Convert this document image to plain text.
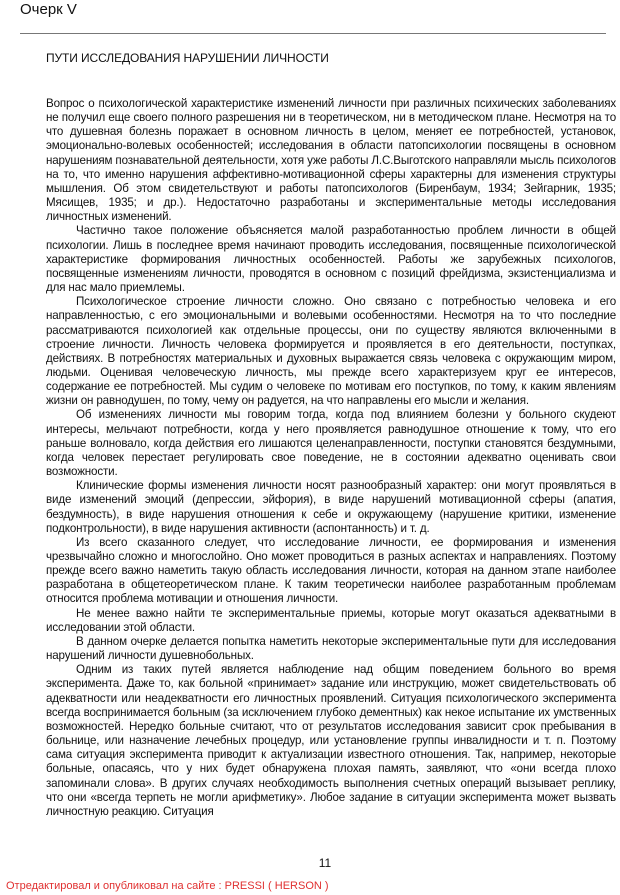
Очерк V
ПУТИ ИССЛЕДОВАНИЯ НАРУШЕНИИ ЛИЧНОСТИ

Вопрос о психологической характеристике изменений личности при различных психических заболеваниях не получил еще своего полного разрешения ни в теоретическом, ни в методическом плане. Несмотря на то что душевная болезнь поражает в основном личность в целом, меняет ее потребностей, установок, эмоционально-волевых особенностей; исследования в области патопсихологии посвящены в основном нарушениям познавательной деятельности, хотя уже работы Л.С.Выготского направляли мысль психологов на то, что именно нарушения аффективно-мотивационной сферы характерны для изменения структуры мышления. Об этом свидетельствуют и работы патопсихологов (Биренбаум, 1934; Зейгарник, 1935; Мясищев, 1935; и др.). Недостаточно разработаны и экспериментальные методы исследования личностных изменений.

Частично такое положение объясняется малой разработанностью проблем личности в общей психологии. Лишь в последнее время начинают проводить исследования, посвященные психологической характеристике формирования личностных особенностей. Работы же зарубежных психологов, посвященные изменениям личности, проводятся в основном с позиций фрейдизма, экзистенциализма и для нас мало приемлемы.

Психологическое строение личности сложно. Оно связано с потребностью человека и его направленностью, с его эмоциональными и волевыми особенностями. Несмотря на то что последние рассматриваются психологией как отдельные процессы, они по существу являются включенными в строение личности. Личность человека формируется и проявляется в его деятельности, поступках, действиях. В потребностях материальных и духовных выражается связь человека с окружающим миром, людьми. Оценивая человеческую личность, мы прежде всего характеризуем круг ее интересов, содержание ее потребностей. Мы судим о человеке по мотивам его поступков, по тому, к каким явлениям жизни он равнодушен, по тому, чему он радуется, на что направлены его мысли и желания.

Об изменениях личности мы говорим тогда, когда под влиянием болезни у больного скудеют интересы, мельчают потребности, когда у него проявляется равнодушное отношение к тому, что его раньше волновало, когда действия его лишаются целенаправленности, поступки становятся бездумными, когда человек перестает регулировать свое поведение, не в состоянии адекватно оценивать свои возможности.

Клинические формы изменения личности носят разнообразный характер: они могут проявляться в виде изменений эмоций (депрессии, эйфория), в виде нарушений мотивационной сферы (апатия, бездумность), в виде нарушения отношения к себе и окружающему (нарушение критики, изменение подконтрольности), в виде нарушения активности (аспонтанность) и т. д.

Из всего сказанного следует, что исследование личности, ее формирования и изменения чрезвычайно сложно и многослойно. Оно может проводиться в разных аспектах и направлениях. Поэтому прежде всего важно наметить такую область исследования личности, которая на данном этапе наиболее разработана в общетеоретическом плане. К таким теоретически наиболее разработанным проблемам относится проблема мотивации и отношения личности.

Не менее важно найти те экспериментальные приемы, которые могут оказаться адекватными в исследовании этой области.

В данном очерке делается попытка наметить некоторые экспериментальные пути для исследования нарушений личности душевнобольных.

Одним из таких путей является наблюдение над общим поведением больного во время эксперимента. Даже то, как больной «принимает» задание или инструкцию, может свидетельствовать об адекватности или неадекватности его личностных проявлений. Ситуация психологического эксперимента всегда воспринимается больным (за исключением глубоко дементных) как некое испытание их умственных возможностей. Нередко больные считают, что от результатов исследования зависит срок пребывания в больнице, или назначение лечебных процедур, или установление группы инвалидности и т. п. Поэтому сама ситуация эксперимента приводит к актуализации известного отношения. Так, например, некоторые больные, опасаясь, что у них будет обнаружена плохая память, заявляют, что «они всегда плохо запоминали слова». В других случаях необходимость выполнения счетных операций вызывает реплику, что они «всегда терпеть не могли арифметику». Любое задание в ситуации эксперимента может вызвать личностную реакцию. Ситуация

11
Отредактировал и опубликовал на сайте : PRESSI ( HERSON )
